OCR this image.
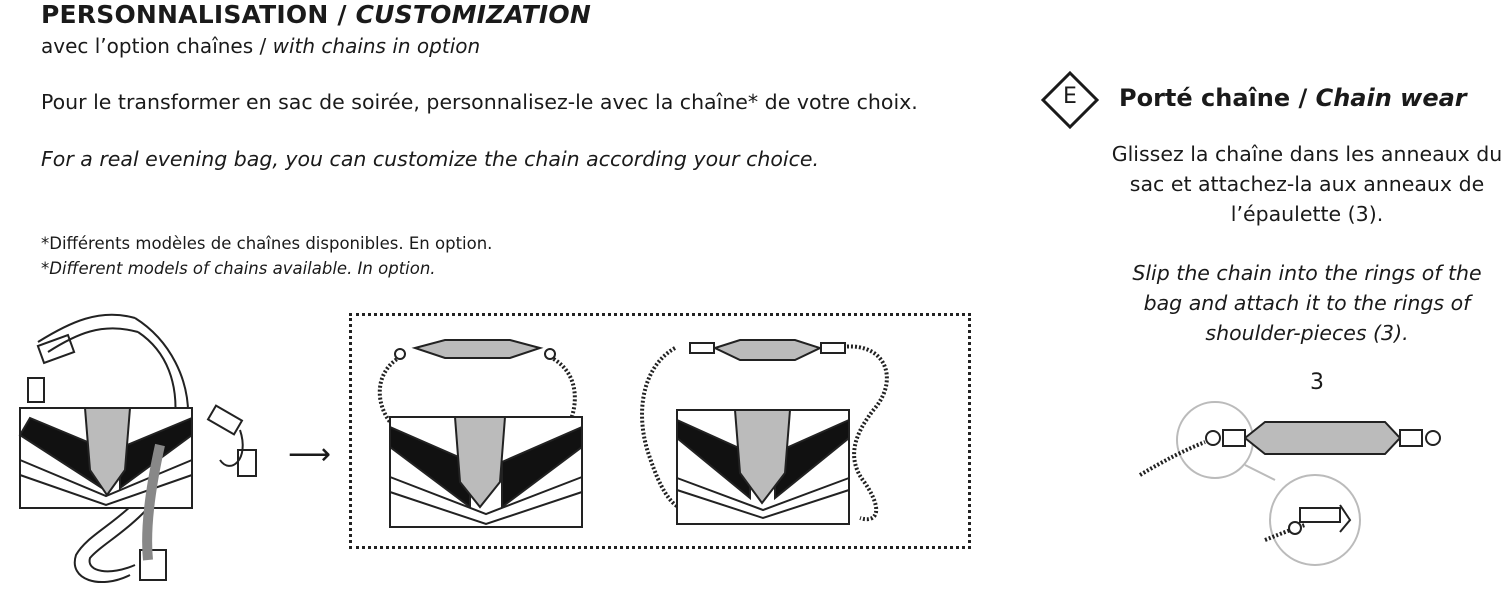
PERSONNALISATION / CUSTOMIZATION
avec l’option chaînes / with chains in option
Pour le transformer en sac de soirée, personnalisez-le avec la chaîne* de votre choix.
For a real evening bag, you can customize the chain according your choice.
*Différents modèles de chaînes disponibles. En option.
*Different models of chains available. In option.
⟶
E	Porté chaîne / Chain wear
Glissez la chaîne dans les anneaux du sac et attachez-la aux anneaux de l’épaulette (3).
Slip the chain into the rings of the bag and attach it to the rings of shoulder-pieces (3).
3
